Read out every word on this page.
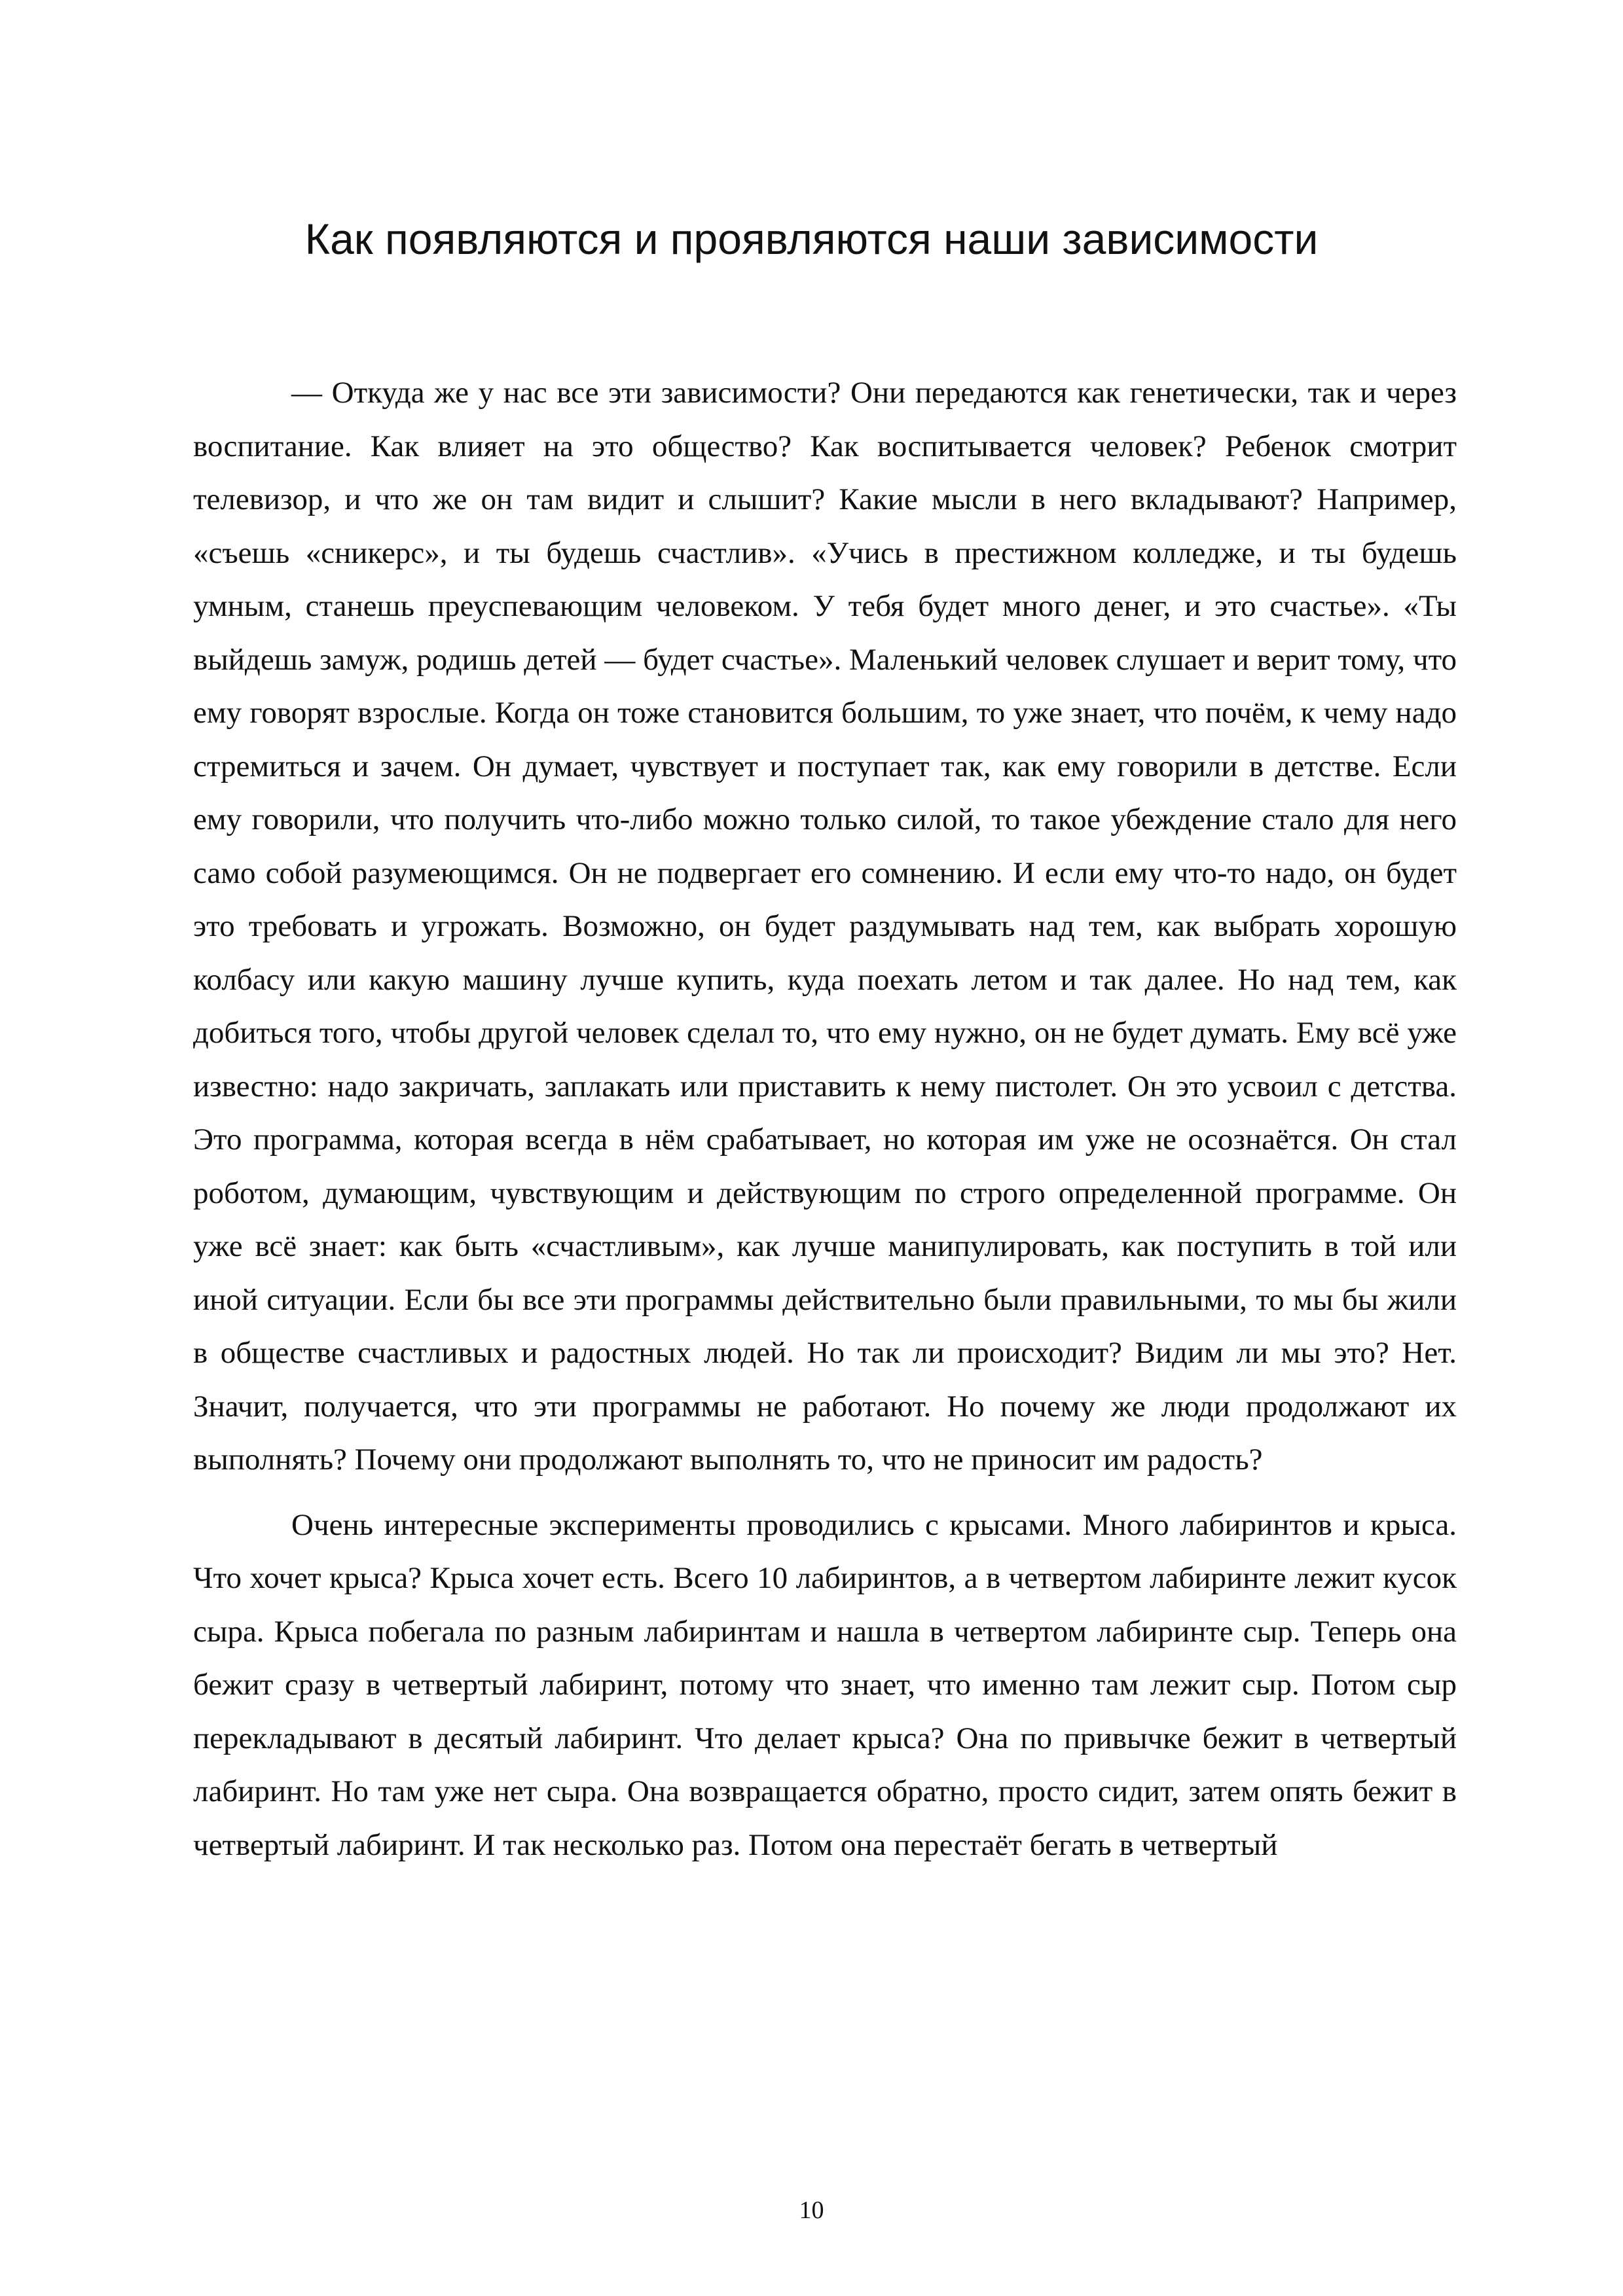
Как появляются и проявляются наши зависимости

— Откуда же у нас все эти зависимости? Они передаются как генетически, так и через воспитание. Как влияет на это общество? Как воспитывается человек? Ребенок смотрит телевизор, и что же он там видит и слышит? Какие мысли в него вкладывают? Например, «съешь «сникерс», и ты будешь счастлив». «Учись в престижном колледже, и ты будешь умным, станешь преуспевающим человеком. У тебя будет много денег, и это счастье». «Ты выйдешь замуж, родишь детей — будет счастье». Маленький человек слушает и верит тому, что ему говорят взрослые. Когда он тоже становится большим, то уже знает, что почём, к чему надо стремиться и зачем. Он думает, чувствует и поступает так, как ему говорили в детстве. Если ему говорили, что получить что-либо можно только силой, то такое убеждение стало для него само собой разумеющимся. Он не подвергает его сомнению. И если ему что-то надо, он будет это требовать и угрожать. Возможно, он будет раздумывать над тем, как выбрать хорошую колбасу или какую машину лучше купить, куда поехать летом и так далее. Но над тем, как добиться того, чтобы другой человек сделал то, что ему нужно, он не будет думать. Ему всё уже известно: надо закричать, заплакать или приставить к нему пистолет. Он это усвоил с детства. Это программа, которая всегда в нём срабатывает, но которая им уже не осознаётся. Он стал роботом, думающим, чувствующим и действующим по строго определенной программе. Он уже всё знает: как быть «счастливым», как лучше манипулировать, как поступить в той или иной ситуации. Если бы все эти программы действительно были правильными, то мы бы жили в обществе счастливых и радостных людей. Но так ли происходит? Видим ли мы это? Нет. Значит, получается, что эти программы не работают. Но почему же люди продолжают их выполнять? Почему они продолжают выполнять то, что не приносит им радость?

Очень интересные эксперименты проводились с крысами. Много лабиринтов и крыса. Что хочет крыса? Крыса хочет есть. Всего 10 лабиринтов, а в четвертом лабиринте лежит кусок сыра. Крыса побегала по разным лабиринтам и нашла в четвертом лабиринте сыр. Теперь она бежит сразу в четвертый лабиринт, потому что знает, что именно там лежит сыр. Потом сыр перекладывают в десятый лабиринт. Что делает крыса? Она по привычке бежит в четвертый лабиринт. Но там уже нет сыра. Она возвращается обратно, просто сидит, затем опять бежит в четвертый лабиринт. И так несколько раз. Потом она перестаёт бегать в четвертый

10
